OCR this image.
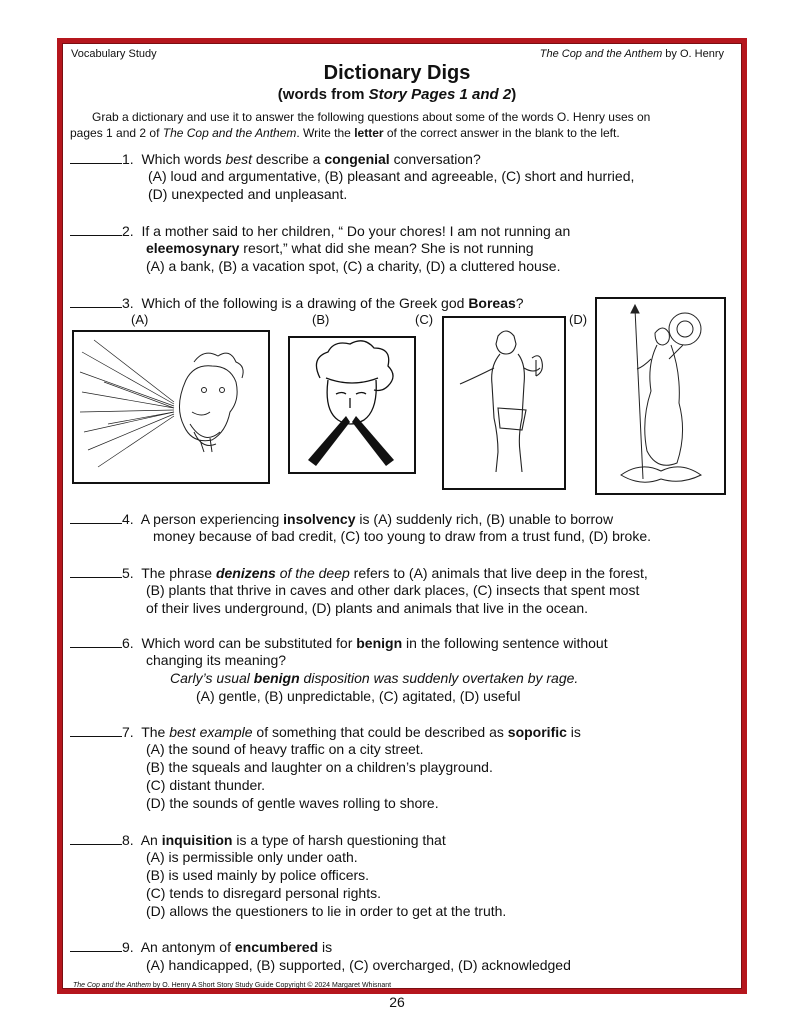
Vocabulary Study	The Cop and the Anthem by O. Henry
Dictionary Digs
(words from Story Pages 1 and 2)
Grab a dictionary and use it to answer the following questions about some of the words O. Henry uses on
pages 1 and 2 of The Cop and the Anthem. Write the letter of the correct answer in the blank to the left.
1. Which words best describe a congenial conversation?
(A) loud and argumentative, (B) pleasant and agreeable, (C) short and hurried,
(D) unexpected and unpleasant.
2. If a mother said to her children, “ Do your chores! I am not running an
eleemosynary resort,” what did she mean? She is not running
(A) a bank, (B) a vacation spot, (C) a charity, (D) a cluttered house.
3. Which of the following is a drawing of the Greek god Boreas?
(A)	(B)	(C)	(D)
4. A person experiencing insolvency is (A) suddenly rich, (B) unable to borrow
money because of bad credit, (C) too young to draw from a trust fund, (D) broke.
5. The phrase denizens of the deep refers to (A) animals that live deep in the forest,
(B) plants that thrive in caves and other dark places, (C) insects that spent most
of their lives underground, (D) plants and animals that live in the ocean.
6. Which word can be substituted for benign in the following sentence without
changing its meaning?
Carly’s usual benign disposition was suddenly overtaken by rage.
(A) gentle, (B) unpredictable, (C) agitated, (D) useful
7. The best example of something that could be described as soporific is
(A) the sound of heavy traffic on a city street.
(B) the squeals and laughter on a children’s playground.
(C) distant thunder.
(D) the sounds of gentle waves rolling to shore.
8. An inquisition is a type of harsh questioning that
(A) is permissible only under oath.
(B) is used mainly by police officers.
(C) tends to disregard personal rights.
(D) allows the questioners to lie in order to get at the truth.
9. An antonym of encumbered is
(A) handicapped, (B) supported, (C) overcharged, (D) acknowledged
The Cop and the Anthem by O. Henry A Short Story Study Guide Copyright © 2024 Margaret Whisnant
26
